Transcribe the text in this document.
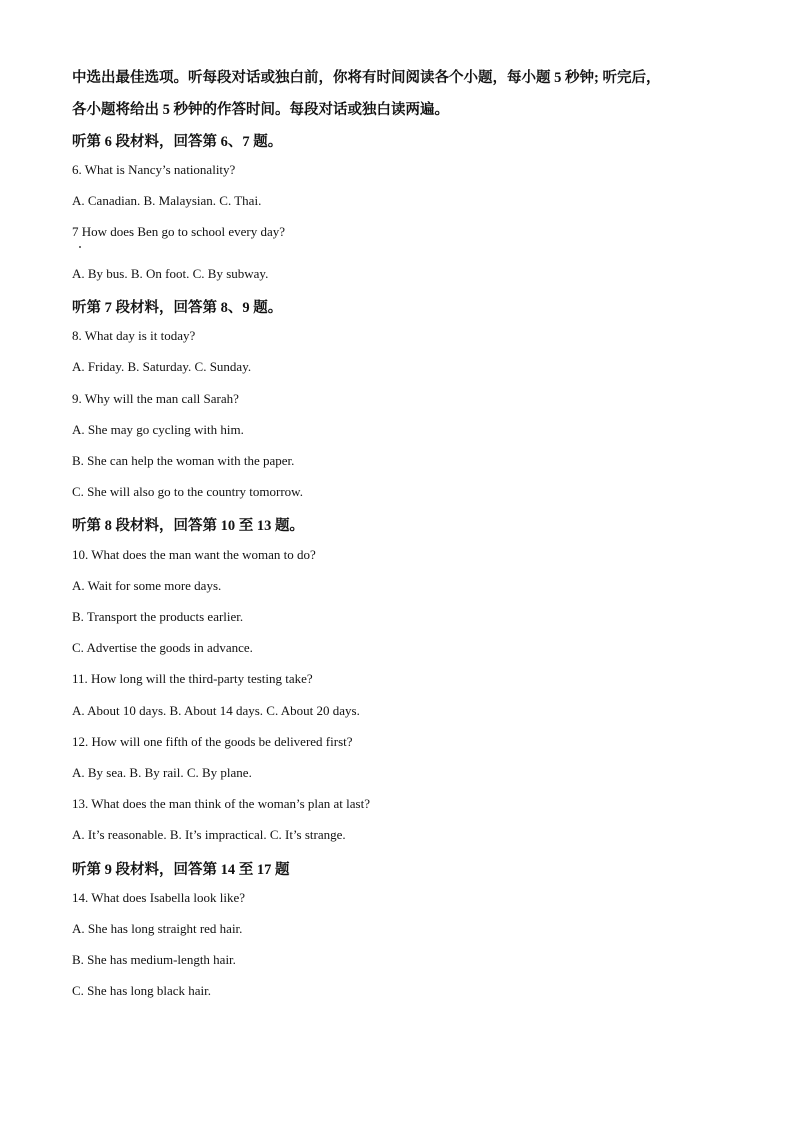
中选出最佳选项。听每段对话或独白前，你将有时间阅读各个小题，每小题 5 秒钟; 听完后，
各小题将给出 5 秒钟的作答时间。每段对话或独白读两遍。
听第 6 段材料，回答第 6、7 题。
6. What is Nancy’s nationality?
A. Canadian. B. Malaysian. C. Thai.
7 How does Ben go to school every day?
A. By bus. B. On foot. C. By subway.
听第 7 段材料，回答第 8、9 题。
8. What day is it today?
A. Friday. B. Saturday. C. Sunday.
9. Why will the man call Sarah?
A. She may go cycling with him.
B. She can help the woman with the paper.
C. She will also go to the country tomorrow.
听第 8 段材料，回答第 10 至 13 题。
10. What does the man want the woman to do?
A. Wait for some more days.
B. Transport the products earlier.
C. Advertise the goods in advance.
11. How long will the third-party testing take?
A. About 10 days. B. About 14 days. C. About 20 days.
12. How will one fifth of the goods be delivered first?
A. By sea. B. By rail. C. By plane.
13. What does the man think of the woman’s plan at last?
A. It’s reasonable. B. It’s impractical. C. It’s strange.
听第 9 段材料，回答第 14 至 17 题
14. What does Isabella look like?
A. She has long straight red hair.
B. She has medium-length hair.
C. She has long black hair.
